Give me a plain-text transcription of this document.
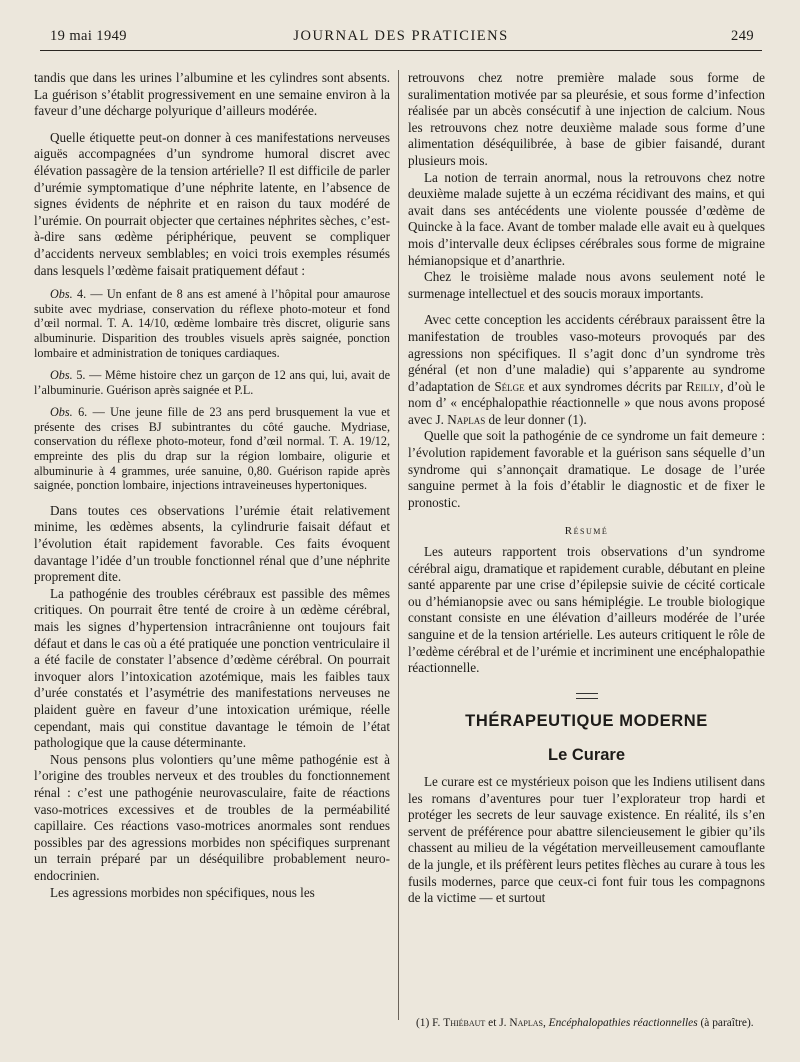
19 mai 1949	JOURNAL DES PRATICIENS	249

tandis que dans les urines l’albumine et les cylindres sont absents. La guérison s’établit progressivement en une semaine environ à la faveur d’une décharge polyurique d’ailleurs modérée.

Quelle étiquette peut-on donner à ces manifestations nerveuses aiguës accompagnées d’un syndrome humoral discret avec élévation passagère de la tension artérielle? Il est difficile de parler d’urémie symptomatique d’une néphrite latente, en l’absence de signes évidents de néphrite et en raison du taux modéré de l’urémie. On pourrait objecter que certaines néphrites sèches, c’est-à-dire sans œdème périphérique, peuvent se compliquer d’accidents nerveux semblables; en voici trois exemples résumés dans lesquels l’œdème faisait pratiquement défaut :

Obs. 4. — Un enfant de 8 ans est amené à l’hôpital pour amaurose subite avec mydriase, conservation du réflexe photo-moteur et fond d’œil normal. T. A. 14/10, œdème lombaire très discret, oligurie sans albuminurie. Disparition des troubles visuels après saignée, ponction lombaire et administration de toniques cardiaques.

Obs. 5. — Même histoire chez un garçon de 12 ans qui, lui, avait de l’albuminurie. Guérison après saignée et P.L.

Obs. 6. — Une jeune fille de 23 ans perd brusquement la vue et présente des crises BJ subintrantes du côté gauche. Mydriase, conservation du réflexe photo-moteur, fond d’œil normal. T. A. 19/12, empreinte des plis du drap sur la région lombaire, oligurie et albuminurie à 4 grammes, urée sanuine, 0,80. Guérison rapide après saignée, ponction lombaire, injections intraveineuses hypertoniques.

Dans toutes ces observations l’urémie était relativement minime, les œdèmes absents, la cylindrurie faisait défaut et l’évolution était rapidement favorable. Ces faits évoquent davantage l’idée d’un trouble fonctionnel rénal que d’une néphrite proprement dite.

La pathogénie des troubles cérébraux est passible des mêmes critiques. On pourrait être tenté de croire à un œdème cérébral, mais les signes d’hypertension intracrânienne ont toujours fait défaut et dans le cas où a été pratiquée une ponction ventriculaire il a été facile de constater l’absence d’œdème cérébral. On pourrait invoquer alors l’intoxication azotémique, mais les faibles taux d’urée constatés et l’asymétrie des manifestations nerveuses ne plaident guère en faveur d’une intoxication urémique, réelle cependant, mais qui constitue davantage le témoin de l’état pathologique que la cause déterminante.

Nous pensons plus volontiers qu’une même pathogénie est à l’origine des troubles nerveux et des troubles du fonctionnement rénal : c’est une pathogénie neurovasculaire, faite de réactions vaso-motrices excessives et de troubles de la perméabilité capillaire. Ces réactions vaso-motrices anormales sont rendues possibles par des agressions morbides non spécifiques surprenant un terrain préparé par un déséquilibre probablement neuro-endocrinien.

Les agressions morbides non spécifiques, nous les

retrouvons chez notre première malade sous forme de suralimentation motivée par sa pleurésie, et sous forme d’infection réalisée par un abcès consécutif à une injection de calcium. Nous les retrouvons chez notre deuxième malade sous forme d’une alimentation déséquilibrée, à base de gibier faisandé, durant plusieurs mois.

La notion de terrain anormal, nous la retrouvons chez notre deuxième malade sujette à un eczéma récidivant des mains, et qui avait dans ses antécédents une violente poussée d’œdème de Quincke à la face. Avant de tomber malade elle avait eu à quelques mois d’intervalle deux éclipses cérébrales sous forme de migraine hémianopsique et d’anarthrie.

Chez le troisième malade nous avons seulement noté le surmenage intellectuel et des soucis moraux importants.

Avec cette conception les accidents cérébraux paraissent être la manifestation de troubles vaso-moteurs provoqués par des agressions non spécifiques. Il s’agit donc d’un syndrome très général (et non d’une maladie) qui s’apparente au syndrome d’adaptation de Sélge et aux syndromes décrits par Reilly, d’où le nom d’ « encéphalopathie réactionnelle » que nous avons proposé avec J. Naplas de leur donner (1).

Quelle que soit la pathogénie de ce syndrome un fait demeure : l’évolution rapidement favorable et la guérison sans séquelle d’un syndrome qui s’annonçait dramatique. Le dosage de l’urée sanguine permet à la fois d’établir le diagnostic et de fixer le pronostic.

Résumé

Les auteurs rapportent trois observations d’un syndrome cérébral aigu, dramatique et rapidement curable, débutant en pleine santé apparente par une crise d’épilepsie suivie de cécité corticale ou d’hémianopsie avec ou sans hémiplégie. Le trouble biologique constant consiste en une élévation d’ailleurs modérée de l’urée sanguine et de la tension artérielle. Les auteurs critiquent le rôle de l’œdème cérébral et de l’urémie et incriminent une encéphalopathie réactionnelle.

THÉRAPEUTIQUE MODERNE

Le Curare

Le curare est ce mystérieux poison que les Indiens utilisent dans les romans d’aventures pour tuer l’explorateur trop hardi et protéger les secrets de leur sauvage existence. En réalité, ils s’en servent de préférence pour abattre silencieusement le gibier qu’ils chassent au milieu de la végétation merveilleusement camouflante de la jungle, et ils préfèrent leurs petites flèches au curare à tous les fusils modernes, parce que ceux-ci font fuir tous les compagnons de la victime — et surtout

(1) F. Thiébaut et J. Naplas, Encéphalopathies réactionnelles (à paraître).
